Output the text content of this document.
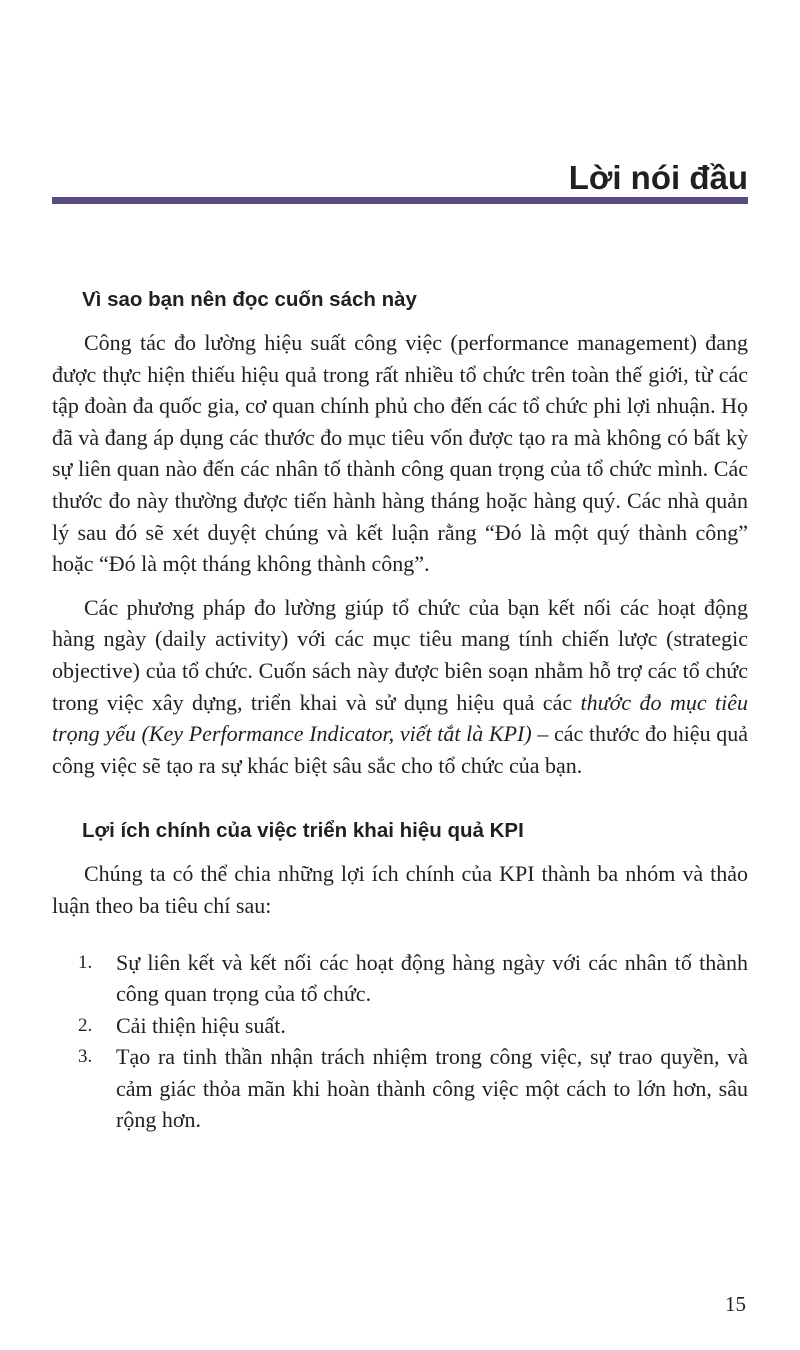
Lời nói đầu
Vì sao bạn nên đọc cuốn sách này

Công tác đo lường hiệu suất công việc (performance management) đang được thực hiện thiếu hiệu quả trong rất nhiều tổ chức trên toàn thế giới, từ các tập đoàn đa quốc gia, cơ quan chính phủ cho đến các tổ chức phi lợi nhuận. Họ đã và đang áp dụng các thước đo mục tiêu vốn được tạo ra mà không có bất kỳ sự liên quan nào đến các nhân tố thành công quan trọng của tổ chức mình. Các thước đo này thường được tiến hành hàng tháng hoặc hàng quý. Các nhà quản lý sau đó sẽ xét duyệt chúng và kết luận rằng “Đó là một quý thành công” hoặc “Đó là một tháng không thành công”.

Các phương pháp đo lường giúp tổ chức của bạn kết nối các hoạt động hàng ngày (daily activity) với các mục tiêu mang tính chiến lược (strategic objective) của tổ chức. Cuốn sách này được biên soạn nhằm hỗ trợ các tổ chức trong việc xây dựng, triển khai và sử dụng hiệu quả các thước đo mục tiêu trọng yếu (Key Performance Indicator, viết tắt là KPI) – các thước đo hiệu quả công việc sẽ tạo ra sự khác biệt sâu sắc cho tổ chức của bạn.

Lợi ích chính của việc triển khai hiệu quả KPI

Chúng ta có thể chia những lợi ích chính của KPI thành ba nhóm và thảo luận theo ba tiêu chí sau:

1. Sự liên kết và kết nối các hoạt động hàng ngày với các nhân tố thành công quan trọng của tổ chức.
2. Cải thiện hiệu suất.
3. Tạo ra tinh thần nhận trách nhiệm trong công việc, sự trao quyền, và cảm giác thỏa mãn khi hoàn thành công việc một cách to lớn hơn, sâu rộng hơn.
15
